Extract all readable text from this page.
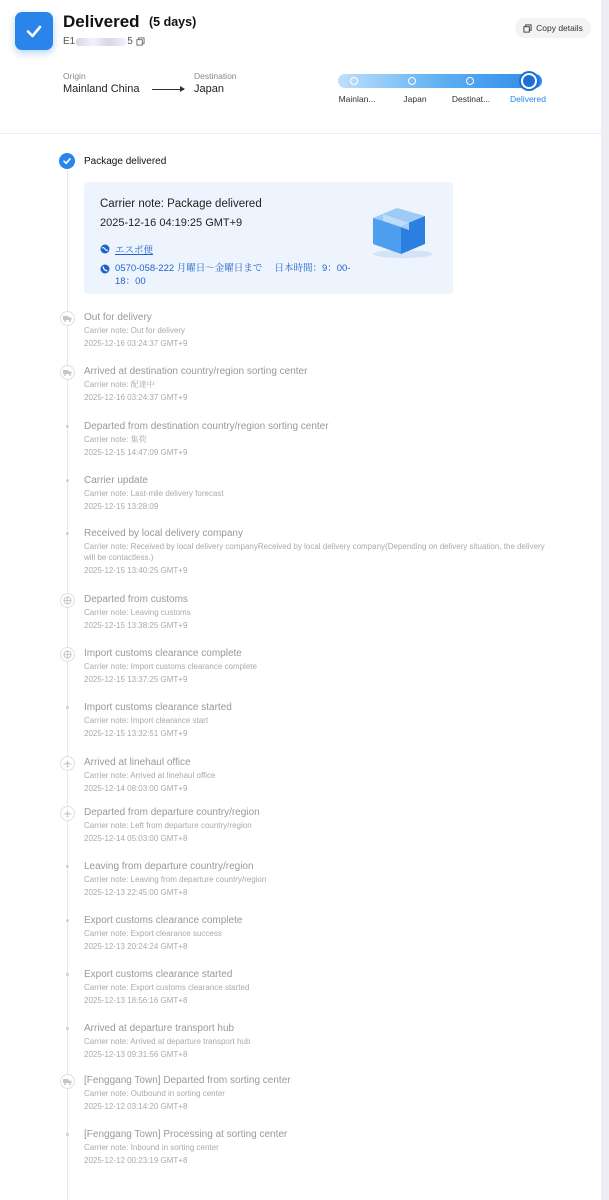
Delivered (5 days)
E1	5
Copy details
Origin
Mainland China
Destination
Japan
Mainlan...	Japan	Destinat...	Delivered
Package delivered
Carrier note: Package delivered
2025-12-16 04:19:25 GMT+9
エスポ便
0570-058-222 月曜日～金曜日まで　 日本時間：9：00-18：00
Out for delivery
Carrier note: Out for delivery
2025-12-16 03:24:37 GMT+9
Arrived at destination country/region sorting center
Carrier note: 配達中
2025-12-16 03:24:37 GMT+9
Departed from destination country/region sorting center
Carrier note: 集荷
2025-12-15 14:47:09 GMT+9
Carrier update
Carrier note: Last-mile delivery forecast
2025-12-15 13:28:09
Received by local delivery company
Carrier note: Received by local delivery companyReceived by local delivery company(Depending on delivery situation, the delivery will be contactless.)
2025-12-15 13:40:25 GMT+9
Departed from customs
Carrier note: Leaving customs
2025-12-15 13:38:25 GMT+9
Import customs clearance complete
Carrier note: Import customs clearance complete
2025-12-15 13:37:25 GMT+9
Import customs clearance started
Carrier note: Import clearance start
2025-12-15 13:32:51 GMT+9
Arrived at linehaul office
Carrier note: Arrived at linehaul office
2025-12-14 08:03:00 GMT+9
Departed from departure country/region
Carrier note: Left from departure country/region
2025-12-14 05:03:00 GMT+8
Leaving from departure country/region
Carrier note: Leaving from departure country/region
2025-12-13 22:45:00 GMT+8
Export customs clearance complete
Carrier note: Export clearance success
2025-12-13 20:24:24 GMT+8
Export customs clearance started
Carrier note: Export customs clearance started
2025-12-13 18:56:16 GMT+8
Arrived at departure transport hub
Carrier note: Arrived at departure transport hub
2025-12-13 09:31:56 GMT+8
[Fenggang Town] Departed from sorting center
Carrier note: Outbound in sorting center
2025-12-12 03:14:20 GMT+8
[Fenggang Town] Processing at sorting center
Carrier note: Inbound in sorting center
2025-12-12 00:23:19 GMT+8
